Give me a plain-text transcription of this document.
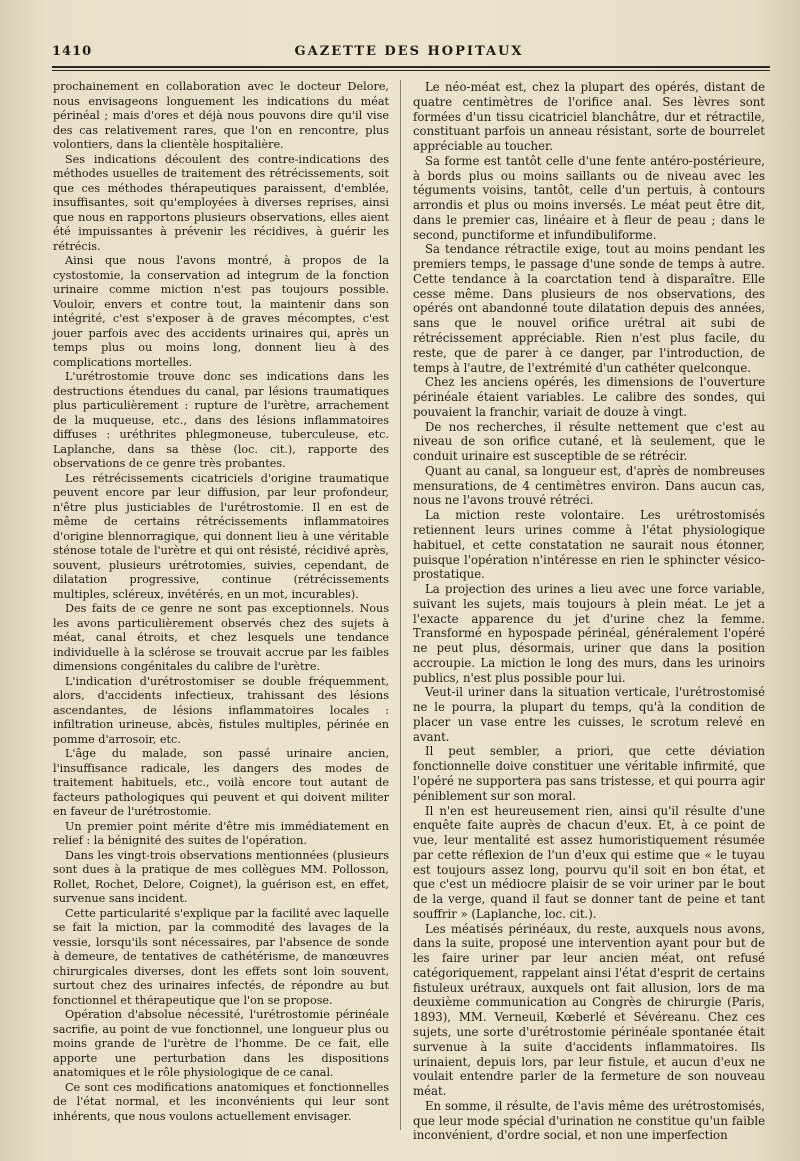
1410	GAZETTE DES HOPITAUX

prochainement en collaboration avec le docteur Delore, nous envisageons longuement les indications du méat périnéal ; mais d'ores et déjà nous pouvons dire qu'il vise des cas relativement rares, que l'on en rencontre, plus volontiers, dans la clientèle hospitalière.

Ses indications découlent des contre-indications des méthodes usuelles de traitement des rétrécissements, soit que ces méthodes thérapeutiques paraissent, d'emblée, insuffisantes, soit qu'employées à diverses reprises, ainsi que nous en rapportons plusieurs observations, elles aient été impuissantes à prévenir les récidives, à guérir les rétrécis.

Ainsi que nous l'avons montré, à propos de la cystostomie, la conservation ad integrum de la fonction urinaire comme miction n'est pas toujours possible. Vouloir, envers et contre tout, la maintenir dans son intégrité, c'est s'exposer à de graves mécomptes, c'est jouer parfois avec des accidents urinaires qui, après un temps plus ou moins long, donnent lieu à des complications mortelles.

L'urétrostomie trouve donc ses indications dans les destructions étendues du canal, par lésions traumatiques plus particulièrement : rupture de l'urètre, arrachement de la muqueuse, etc., dans des lésions inflammatoires diffuses : uréthrites phlegmoneuse, tuberculeuse, etc. Laplanche, dans sa thèse (loc. cit.), rapporte des observations de ce genre très probantes.

Les rétrécissements cicatriciels d'origine traumatique peuvent encore par leur diffusion, par leur profondeur, n'être plus justiciables de l'urétrostomie. Il en est de même de certains rétrécissements inflammatoires d'origine blennorragique, qui donnent lieu à une véritable sténose totale de l'urètre et qui ont résisté, récidivé après, souvent, plusieurs urétrotomies, suivies, cependant, de dilatation progressive, continue (rétrécissements multiples, scléreux, invétérés, en un mot, incurables).

Des faits de ce genre ne sont pas exceptionnels. Nous les avons particulièrement observés chez des sujets à méat, canal étroits, et chez lesquels une tendance individuelle à la sclérose se trouvait accrue par les faibles dimensions congénitales du calibre de l'urètre.

L'indication d'urétrostomiser se double fréquemment, alors, d'accidents infectieux, trahissant des lésions ascendantes, de lésions inflammatoires locales : infiltration urineuse, abcès, fistules multiples, périnée en pomme d'arrosoir, etc.

L'âge du malade, son passé urinaire ancien, l'insuffisance radicale, les dangers des modes de traitement habituels, etc., voilà encore tout autant de facteurs pathologiques qui peuvent et qui doivent militer en faveur de l'urétrostomie.

Un premier point mérite d'être mis immédiatement en relief : la bénignité des suites de l'opération.

Dans les vingt-trois observations mentionnées (plusieurs sont dues à la pratique de mes collègues MM. Pollosson, Rollet, Rochet, Delore, Coignet), la guérison est, en effet, survenue sans incident.

Cette particularité s'explique par la facilité avec laquelle se fait la miction, par la commodité des lavages de la vessie, lorsqu'ils sont nécessaires, par l'absence de sonde à demeure, de tentatives de cathétérisme, de manœuvres chirurgicales diverses, dont les effets sont loin souvent, surtout chez des urinaires infectés, de répondre au but fonctionnel et thérapeutique que l'on se propose.

Opération d'absolue nécessité, l'urétrostomie périnéale sacrifie, au point de vue fonctionnel, une longueur plus ou moins grande de l'urètre de l'homme. De ce fait, elle apporte une perturbation dans les dispositions anatomiques et le rôle physiologique de ce canal.

Ce sont ces modifications anatomiques et fonctionnelles de l'état normal, et les inconvénients qui leur sont inhérents, que nous voulons actuellement envisager.

Le néo-méat est, chez la plupart des opérés, distant de quatre centimètres de l'orifice anal. Ses lèvres sont formées d'un tissu cicatriciel blanchâtre, dur et rétractile, constituant parfois un anneau résistant, sorte de bourrelet appréciable au toucher.

Sa forme est tantôt celle d'une fente antéro-postérieure, à bords plus ou moins saillants ou de niveau avec les téguments voisins, tantôt, celle d'un pertuis, à contours arrondis et plus ou moins inversés. Le méat peut être dit, dans le premier cas, linéaire et à fleur de peau ; dans le second, punctiforme et infundibuliforme.

Sa tendance rétractile exige, tout au moins pendant les premiers temps, le passage d'une sonde de temps à autre. Cette tendance à la coarctation tend à disparaître. Elle cesse même. Dans plusieurs de nos observations, des opérés ont abandonné toute dilatation depuis des années, sans que le nouvel orifice urétral ait subi de rétrécissement appréciable. Rien n'est plus facile, du reste, que de parer à ce danger, par l'introduction, de temps à l'autre, de l'extrémité d'un cathéter quelconque.

Chez les anciens opérés, les dimensions de l'ouverture périnéale étaient variables. Le calibre des sondes, qui pouvaient la franchir, variait de douze à vingt.

De nos recherches, il résulte nettement que c'est au niveau de son orifice cutané, et là seulement, que le conduit urinaire est susceptible de se rétrécir.

Quant au canal, sa longueur est, d'après de nombreuses mensurations, de 4 centimètres environ. Dans aucun cas, nous ne l'avons trouvé rétréci.

La miction reste volontaire. Les urétrostomisés retiennent leurs urines comme à l'état physiologique habituel, et cette constatation ne saurait nous étonner, puisque l'opération n'intéresse en rien le sphincter vésico-prostatique.

La projection des urines a lieu avec une force variable, suivant les sujets, mais toujours à plein méat. Le jet a l'exacte apparence du jet d'urine chez la femme. Transformé en hypospade périnéal, généralement l'opéré ne peut plus, désormais, uriner que dans la position accroupie. La miction le long des murs, dans les urinoirs publics, n'est plus possible pour lui.

Veut-il uriner dans la situation verticale, l'urétrostomisé ne le pourra, la plupart du temps, qu'à la condition de placer un vase entre les cuisses, le scrotum relevé en avant.

Il peut sembler, a priori, que cette déviation fonctionnelle doive constituer une véritable infirmité, que l'opéré ne supportera pas sans tristesse, et qui pourra agir péniblement sur son moral.

Il n'en est heureusement rien, ainsi qu'il résulte d'une enquête faite auprès de chacun d'eux. Et, à ce point de vue, leur mentalité est assez humoristiquement résumée par cette réflexion de l'un d'eux qui estime que « le tuyau est toujours assez long, pourvu qu'il soit en bon état, et que c'est un médiocre plaisir de se voir uriner par le bout de la verge, quand il faut se donner tant de peine et tant souffrir » (Laplanche, loc. cit.).

Les méatisés périnéaux, du reste, auxquels nous avons, dans la suite, proposé une intervention ayant pour but de les faire uriner par leur ancien méat, ont refusé catégoriquement, rappelant ainsi l'état d'esprit de certains fistuleux urétraux, auxquels ont fait allusion, lors de ma deuxième communication au Congrès de chirurgie (Paris, 1893), MM. Verneuil, Kœberlé et Sévéreanu. Chez ces sujets, une sorte d'urétrostomie périnéale spontanée était survenue à la suite d'accidents inflammatoires. Ils urinaient, depuis lors, par leur fistule, et aucun d'eux ne voulait entendre parler de la fermeture de son nouveau méat.

En somme, il résulte, de l'avis même des urétrostomisés, que leur mode spécial d'urination ne constitue qu'un faible inconvénient, d'ordre social, et non une imperfection
